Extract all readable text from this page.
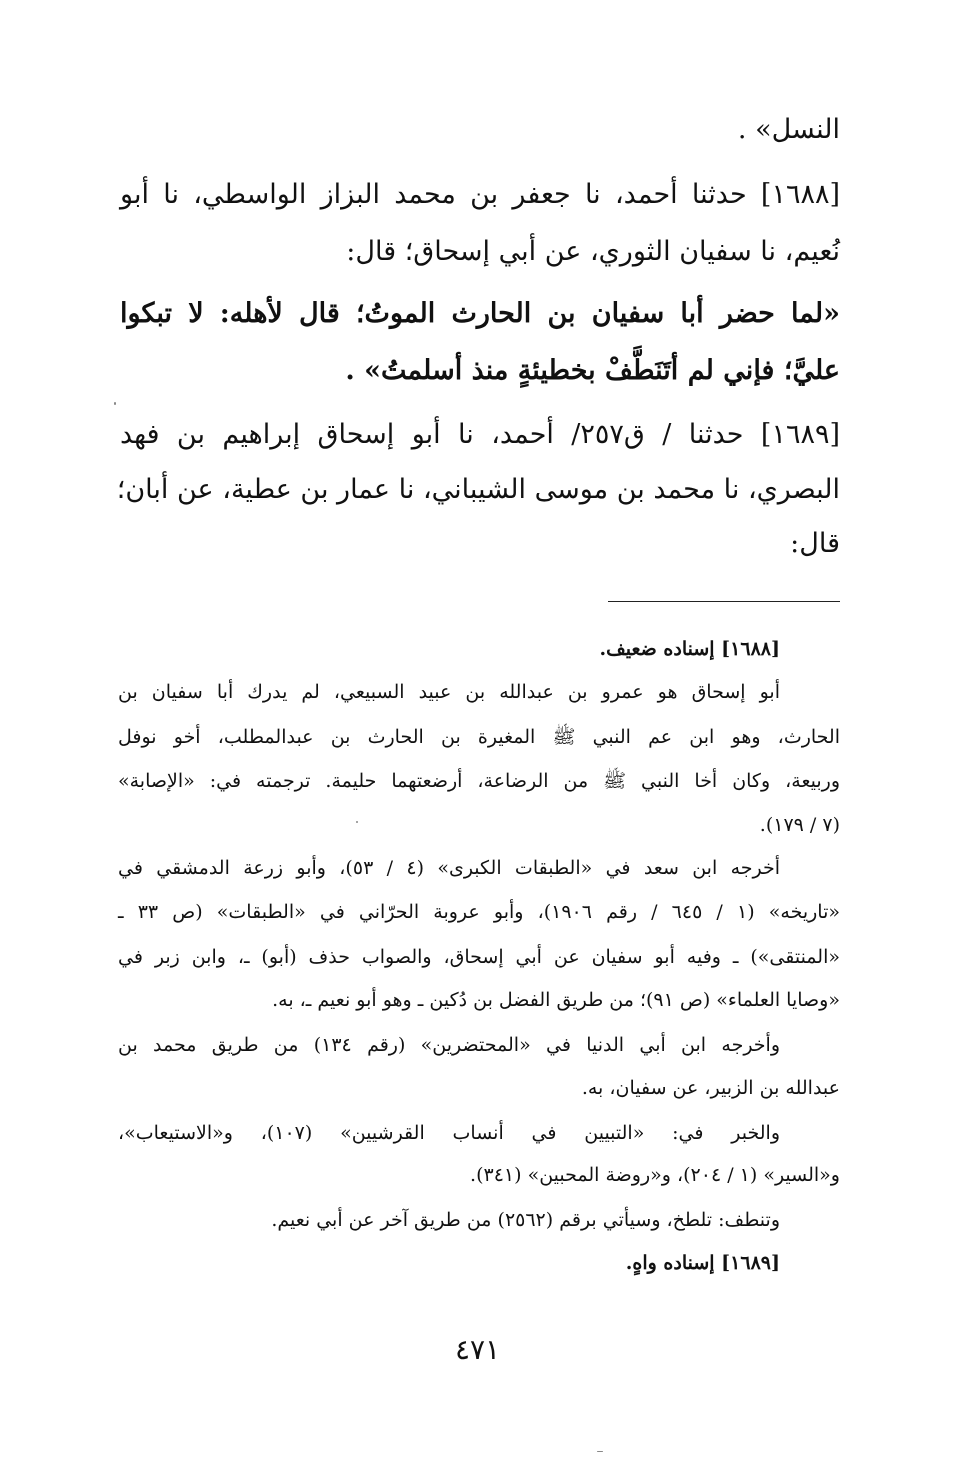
النسل» .
[١٦٨٨] حدثنا أحمد، نا جعفر بن محمد البزاز الواسطي، نا أبو
نُعيم، نا سفيان الثوري، عن أبي إسحاق؛ قال:
«لما حضر أبا سفيان بن الحارث الموتُ؛ قال لأهله: لا تبكوا
عليَّ؛ فإني لم أتَنَطَّفْ بخطيئةٍ منذ أسلمتُ» .
[١٦٨٩] حدثنا / ق٢٥٧/ أحمد، نا أبو إسحاق إبراهيم بن فهد
البصري، نا محمد بن موسى الشيباني، نا عمار بن عطية، عن أبان؛
قال:
[١٦٨٨] إسناده ضعيف.
أبو إسحاق هو عمرو بن عبدالله بن عبيد السبيعي، لم يدرك أبا سفيان بن
الحارث، وهو ابن عم النبي ﷺ المغيرة بن الحارث بن عبدالمطلب، أخو نوفل
وربيعة، وكان أخا النبي ﷺ من الرضاعة، أرضعتهما حليمة. ترجمته في: «الإصابة»
(٧ / ١٧٩).
أخرجه ابن سعد في «الطبقات الكبرى» (٤ / ٥٣)، وأبو زرعة الدمشقي في
«تاريخه» (١ / ٦٤٥ / رقم ١٩٠٦)، وأبو عروبة الحرّاني في «الطبقات» (ص ٣٣ ـ
«المنتقى») ـ وفيه أبو سفيان عن أبي إسحاق، والصواب حذف (أبو) ـ، وابن زبر في
«وصايا العلماء» (ص ٩١)؛ من طريق الفضل بن دُكين ـ وهو أبو نعيم ـ، به.
وأخرجه ابن أبي الدنيا في «المحتضرين» (رقم ١٣٤) من طريق محمد بن
عبدالله بن الزبير، عن سفيان، به.
والخبر في: «التبيين في أنساب القرشيين» (١٠٧)، و«الاستيعاب»،
و«السير» (١ / ٢٠٤)، و«روضة المحبين» (٣٤١).
وتنطف: تلطخ، وسيأتي برقم (٢٥٦٢) من طريق آخر عن أبي نعيم.
[١٦٨٩] إسناده واهٍ.
٤٧١
